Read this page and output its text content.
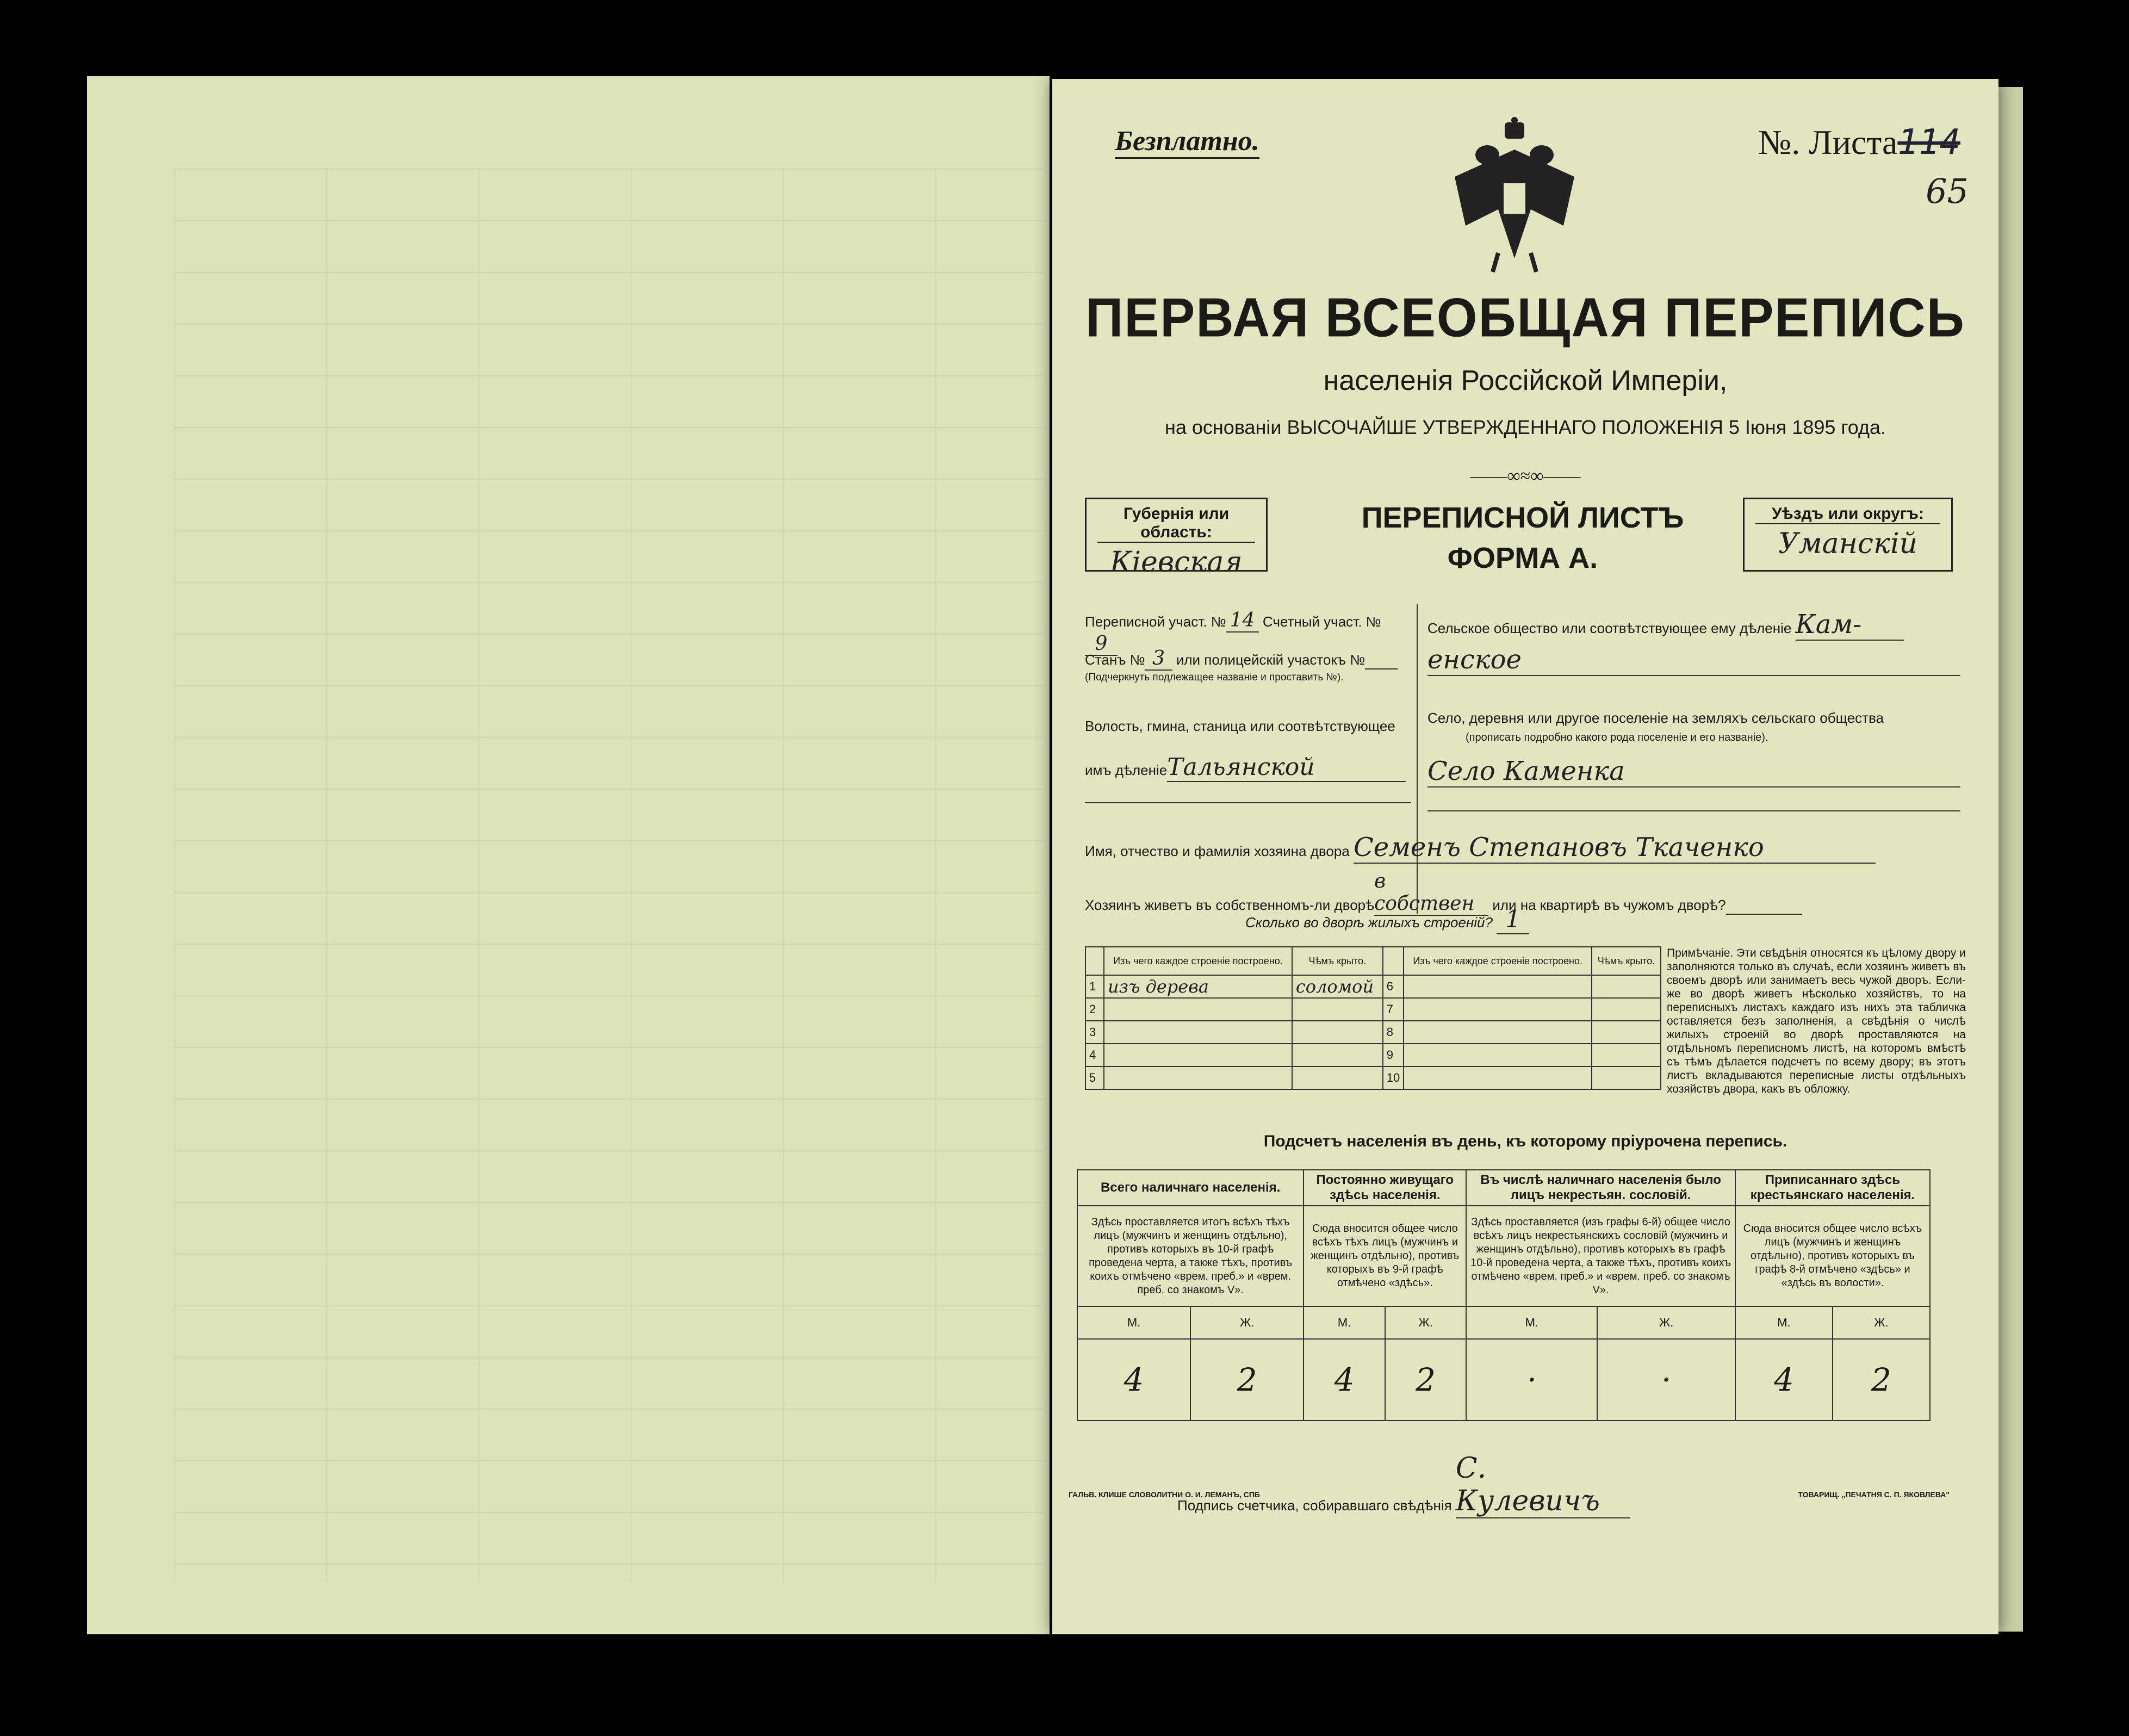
Безплатно.	№. Листа114
65
ПЕРВАЯ ВСЕОБЩАЯ ПЕРЕПИСЬ
населенія Россійской Имперіи,
на основаніи ВЫСОЧАЙШЕ УТВЕРЖДЕННАГО ПОЛОЖЕНІЯ 5 Іюня 1895 года.
——∞≈∞——
Губернія или область:
Кіевская
ПЕРЕПИСНОЙ ЛИСТЪ
ФОРМА А.
Уѣздъ или округъ:
Уманскій
Переписной участ. № 14 Счетный участ. №9
Станъ № 3 или полицейскій участокъ №
(Подчеркнуть подлежащее названіе и проставить №).
Волость, гмина, станица или соотвѣтствующее
имъ дѣленіеТальянской
Сельское общество или соотвѣтствующее ему дѣленіе Кам-
енское
Село, деревня или другое поселеніе на земляхъ сельскаго общества
(прописать подробно какого рода поселеніе и его названіе).
Село Каменка
Имя, отчество и фамилія хозяина двора Семенъ Степановъ Ткаченко
Хозяинъ живетъ въ собственномъ-ли дворѣв собствен или на квартирѣ въ чужомъ дворѣ?
Сколько во дворѣ жилыхъ строеній? 1
	Изъ чего каждое строеніе построено.	Чѣмъ крыто.		Изъ чего каждое строеніе построено.	Чѣмъ крыто.
1	изъ дерева	соломой	6		
2			7		
3			8		
4			9		
5			10		
Примѣчаніе. Эти свѣдѣнія относятся къ цѣлому двору и заполняются только въ случаѣ, если хозяинъ живетъ въ своемъ дворѣ или занимаетъ весь чужой дворъ. Если-же во дворѣ живетъ нѣсколько хозяйствъ, то на переписныхъ листахъ каждаго изъ нихъ эта табличка оставляется безъ заполненія, а свѣдѣнія о числѣ жилыхъ строеній во дворѣ проставляются на отдѣльномъ переписномъ листѣ, на которомъ вмѣстѣ съ тѣмъ дѣлается подсчетъ по всему двору; въ этотъ листъ вкладываются переписные листы отдѣльныхъ хозяйствъ двора, какъ въ обложку.
Подсчетъ населенія въ день, къ которому пріурочена перепись.
Всего наличнаго населенія.		Постоянно живущаго здѣсь населенія.		Въ числѣ наличнаго населенія было лицъ некрестьян. сословій.		Приписаннаго здѣсь крестьянскаго населенія.	
Здѣсь проставляется итогъ всѣхъ тѣхъ лицъ (мужчинъ и женщинъ отдѣльно), противъ которыхъ въ 10-й графѣ проведена черта, а также тѣхъ, противъ коихъ отмѣчено «врем. преб.» и «врем. преб. со знакомъ V».		Сюда вносится общее число всѣхъ тѣхъ лицъ (мужчинъ и женщинъ отдѣльно), противъ которыхъ въ 9-й графѣ отмѣчено «здѣсь».		Здѣсь проставляется (изъ графы 6-й) общее число всѣхъ лицъ некрестьянскихъ сословій (мужчинъ и женщинъ отдѣльно), противъ которыхъ въ графѣ 10-й проведена черта, а также тѣхъ, противъ коихъ отмѣчено «врем. преб.» и «врем. преб. со знакомъ V».		Сюда вносится общее число всѣхъ лицъ (мужчинъ и женщинъ отдѣльно), противъ которыхъ въ графѣ 8-й отмѣчено «здѣсь» и «здѣсь въ волости».	
М.	Ж.	М.	Ж.	М.	Ж.	М.	Ж.
4	2	4	2	·	·	4	2
Подпись счетчика, собиравшаго свѣдѣнія С. Кулевичъ
ГАЛЬВ. КЛИШЕ СЛОВОЛИТНИ О. И. ЛЕМАНЪ, СПБ	ТОВАРИЩ. „ПЕЧАТНЯ С. П. ЯКОВЛЕВА"
